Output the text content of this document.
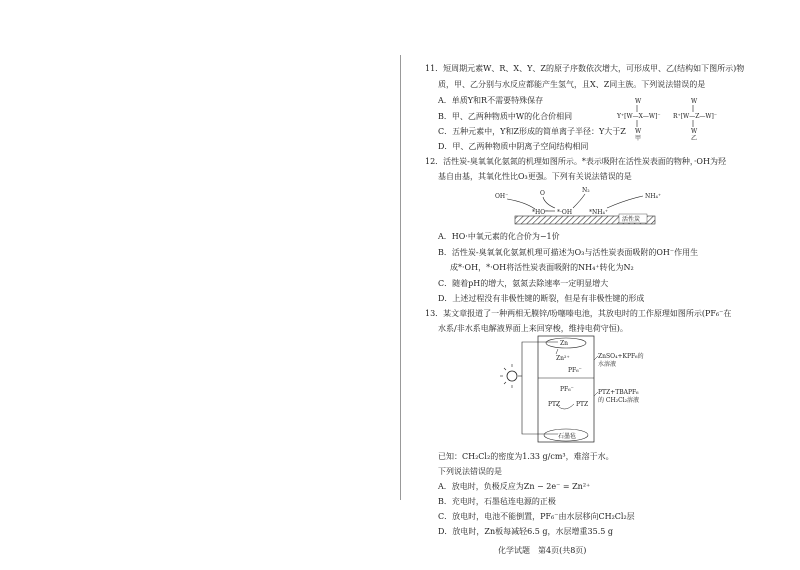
11．短周期元素W、R、X、Y、Z的原子序数依次增大，可形成甲、乙(结构如下图所示)物
质，甲、乙分别与水反应都能产生氢气，且X、Z同主族。下列说法错误的是
A．单质Y和R不需要特殊保存
B．甲、乙两种物质中W的化合价相同
C．五种元素中，Y和Z形成的简单离子半径：Y大于Z
D．甲、乙两种物质中阴离子空间结构相同
Y⁺[W—X—W]⁻
W
W
甲
R⁺[W—Z—W]⁻
W
W
乙
12．活性炭-臭氧氧化氨氮的机理如图所示。*表示吸附在活性炭表面的物种，·OH为羟
基自由基，其氧化性比O₃更强。下列有关说法错误的是
活性炭
OH⁻	O	N₂
NH₄⁺
*HO⁻ *·OH	*NH₄⁺
A．HO·中氧元素的化合价为−1价
B．活性炭-臭氧氧化氨氮机理可描述为O₃与活性炭表面吸附的OH⁻作用生
成*·OH，*·OH将活性炭表面吸附的NH₄⁺转化为N₂
C．随着pH的增大，氨氮去除速率一定明显增大
D．上述过程没有非极性键的断裂，但是有非极性键的形成
13．某文章报道了一种两相无膜锌/吩噻嗪电池，其放电时的工作原理如图所示(PF₆⁻在
水系/非水系电解液界面上来回穿梭，维持电荷守恒)。
Zn
Zn²⁺
PF₆⁻
PF₆⁻
PTZ	PTZ
石墨毡
ZnSO₄+KPF₆的
水溶液
PTZ+TBAPF₆
的 CH₂Cl₂溶液
已知：CH₂Cl₂的密度为1.33 g/cm³，难溶于水。
下列说法错误的是
A．放电时，负极反应为Zn − 2e⁻ = Zn²⁺
B．充电时，石墨毡连电源的正极
C．放电时，电池不能倒置，PF₆⁻由水层移向CH₂Cl₂层
D．放电时，Zn板每减轻6.5 g，水层增重35.5 g
化学试题　第4页(共8页)
